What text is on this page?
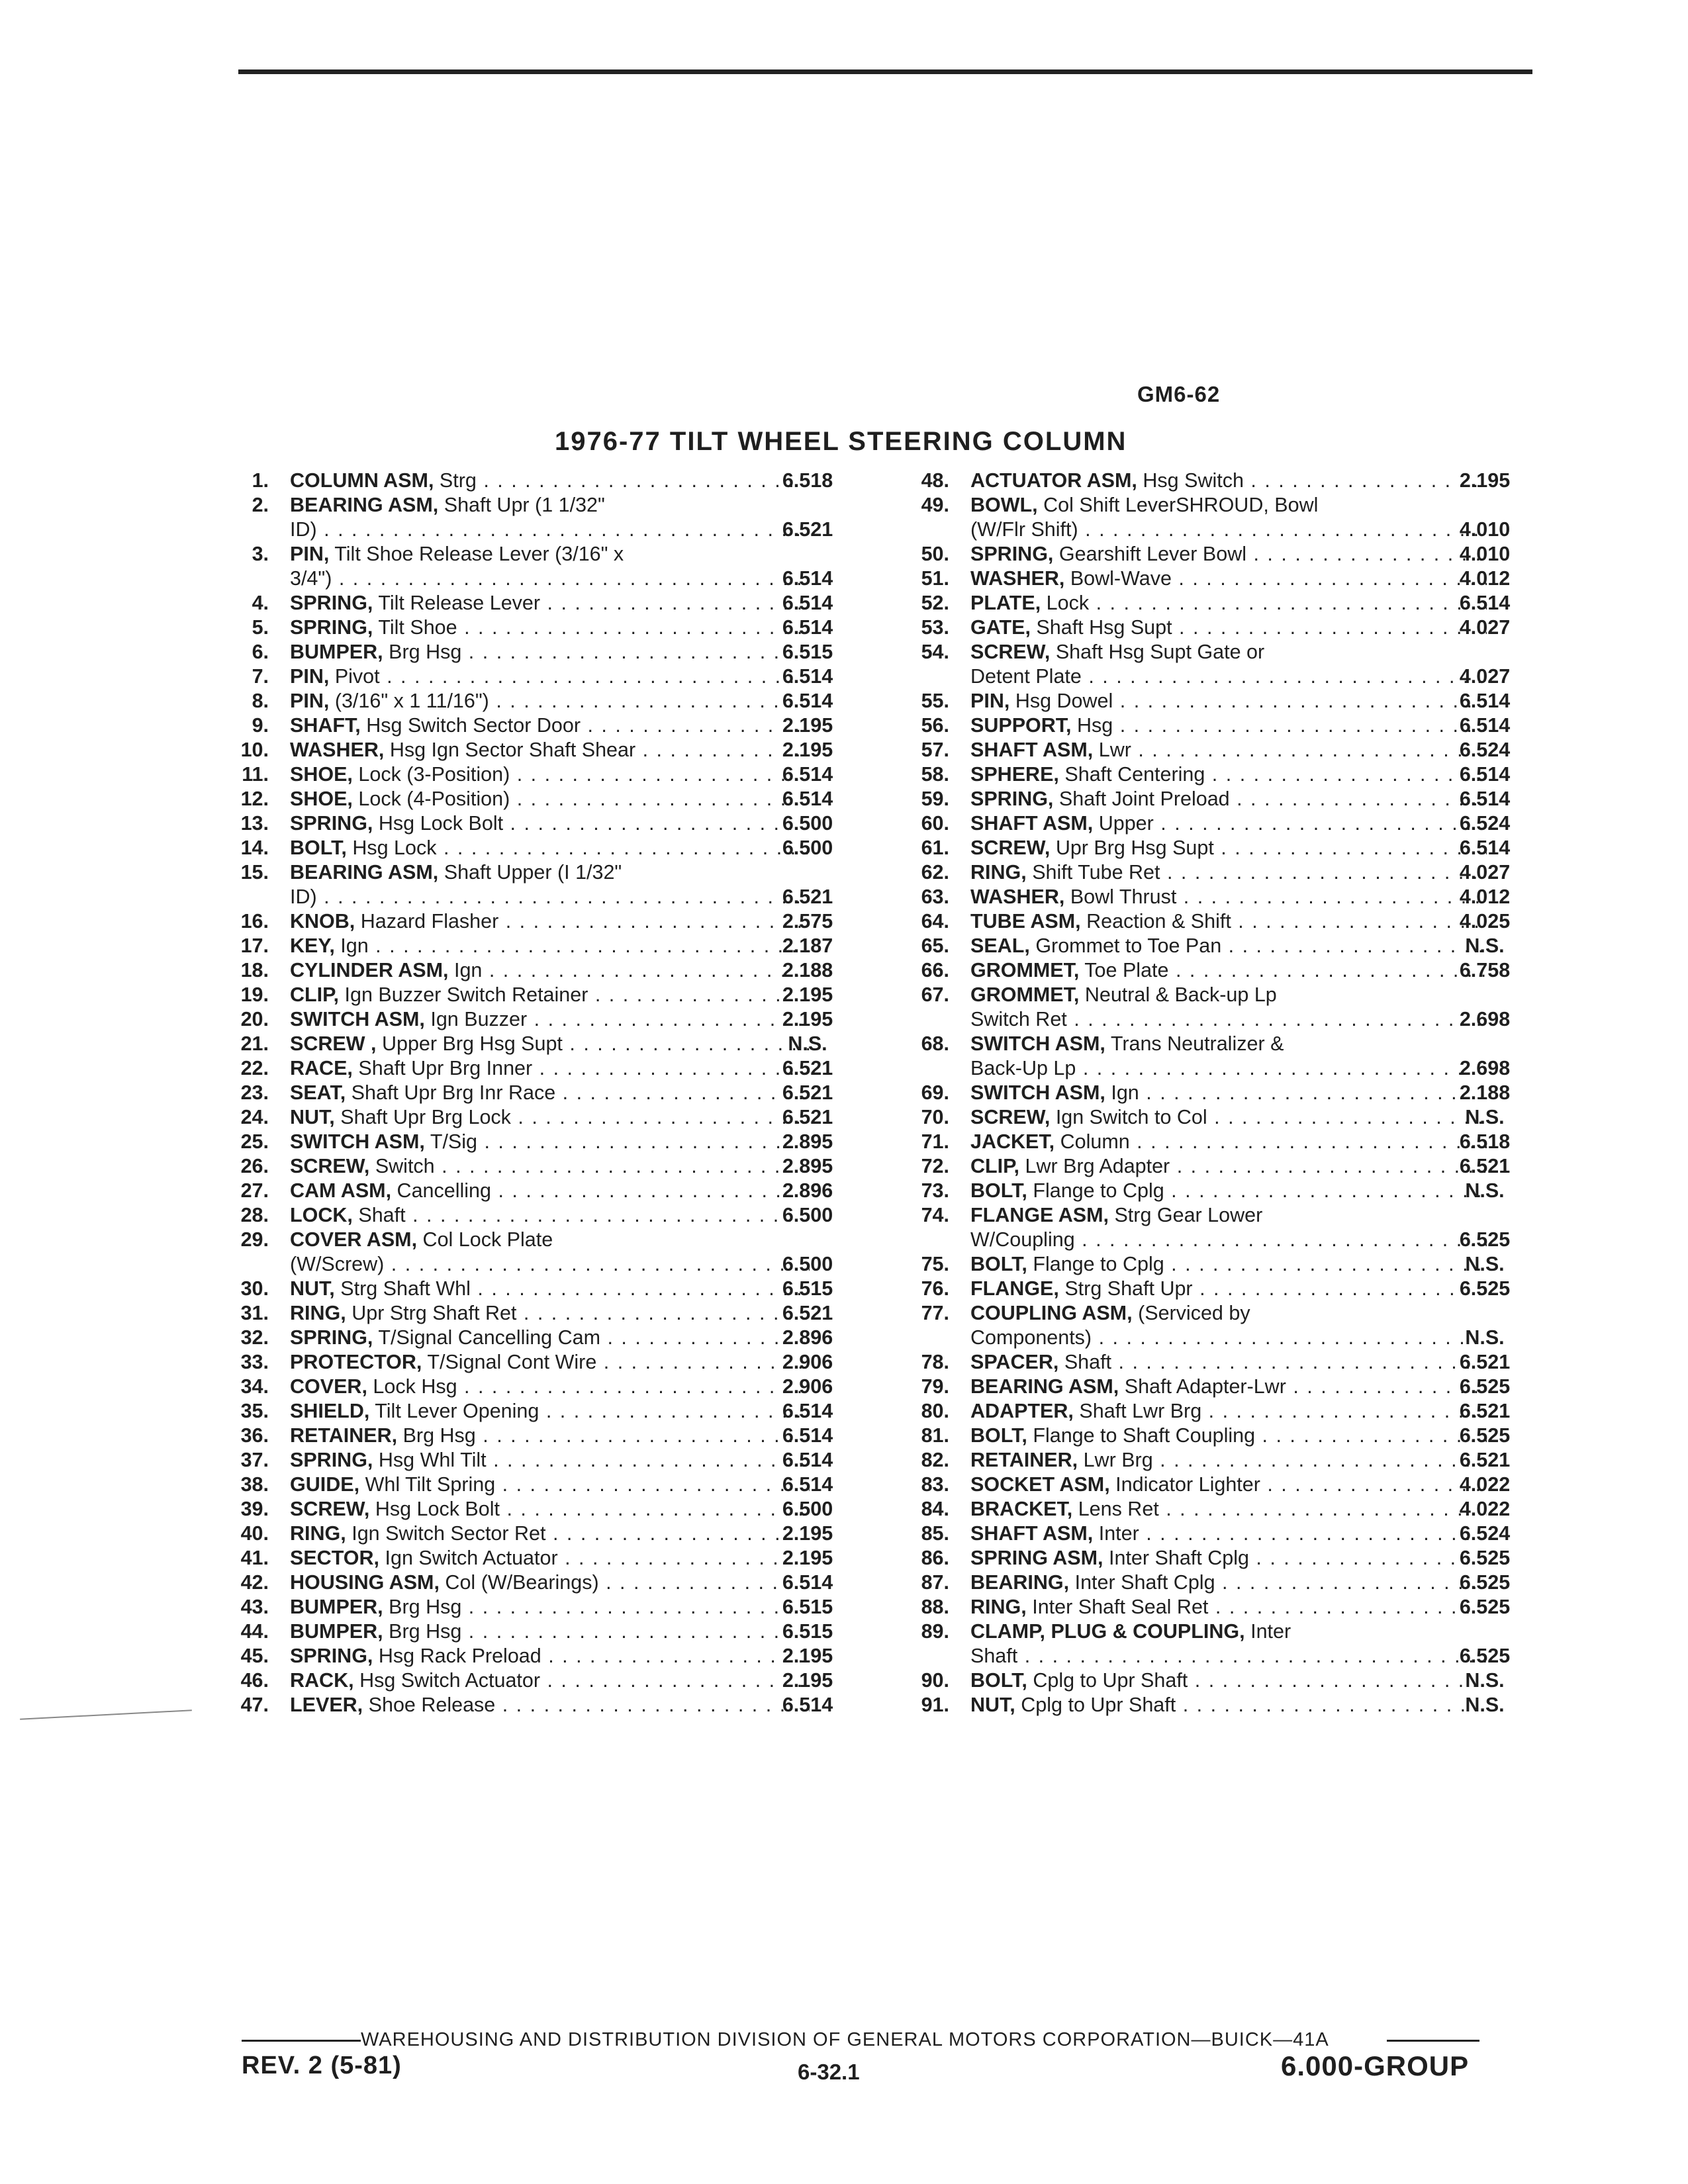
GM6-62
1976-77 TILT WHEEL STEERING COLUMN
1. COLUMN ASM, Strg . . .	6.518
2. BEARING ASM, Shaft Upr (1 1/32"
ID) . . .	6.521
3. PIN, Tilt Shoe Release Lever (3/16" x
3/4") . . .	6.514
4. SPRING, Tilt Release Lever . . .	6.514
5. SPRING, Tilt Shoe . . .	6.514
6. BUMPER, Brg Hsg . . .	6.515
7. PIN, Pivot . . .	6.514
8. PIN, (3/16" x 1 11/16") . . .	6.514
9. SHAFT, Hsg Switch Sector Door . . .	2.195
10. WASHER, Hsg Ign Sector Shaft Shear . . .	2.195
11. SHOE, Lock (3-Position) . . .	6.514
12. SHOE, Lock (4-Position) . . .	6.514
13. SPRING, Hsg Lock Bolt . . .	6.500
14. BOLT, Hsg Lock . . .	6.500
15. BEARING ASM, Shaft Upper (I 1/32"
ID) . . .	6.521
16. KNOB, Hazard Flasher . . .	2.575
17. KEY, Ign . . .	2.187
18. CYLINDER ASM, Ign . . .	2.188
19. CLIP, Ign Buzzer Switch Retainer . . .	2.195
20. SWITCH ASM, Ign Buzzer . . .	2.195
21. SCREW , Upper Brg Hsg Supt . . .	N.S.
22. RACE, Shaft Upr Brg Inner . . .	6.521
23. SEAT, Shaft Upr Brg Inr Race . . .	6.521
24. NUT, Shaft Upr Brg Lock . . .	6.521
25. SWITCH ASM, T/Sig . . .	2.895
26. SCREW, Switch . . .	2.895
27. CAM ASM, Cancelling . . .	2.896
28. LOCK, Shaft . . .	6.500
29. COVER ASM, Col Lock Plate
(W/Screw) . . .	6.500
30. NUT, Strg Shaft Whl . . .	6.515
31. RING, Upr Strg Shaft Ret . . .	6.521
32. SPRING, T/Signal Cancelling Cam . . .	2.896
33. PROTECTOR, T/Signal Cont Wire . . .	2.906
34. COVER, Lock Hsg . . .	2.906
35. SHIELD, Tilt Lever Opening . . .	6.514
36. RETAINER, Brg Hsg . . .	6.514
37. SPRING, Hsg Whl Tilt . . .	6.514
38. GUIDE, Whl Tilt Spring . . .	6.514
39. SCREW, Hsg Lock Bolt . . .	6.500
40. RING, Ign Switch Sector Ret . . .	2.195
41. SECTOR, Ign Switch Actuator . . .	2.195
42. HOUSING ASM, Col (W/Bearings) . . .	6.514
43. BUMPER, Brg Hsg . . .	6.515
44. BUMPER, Brg Hsg . . .	6.515
45. SPRING, Hsg Rack Preload . . .	2.195
46. RACK, Hsg Switch Actuator . . .	2.195
47. LEVER, Shoe Release . . .	6.514
48. ACTUATOR ASM, Hsg Switch . . .	2.195
49. BOWL, Col Shift LeverSHROUD, Bowl
(W/Flr Shift) . . .	4.010
50. SPRING, Gearshift Lever Bowl . . .	4.010
51. WASHER, Bowl-Wave . . .	4.012
52. PLATE, Lock . . .	6.514
53. GATE, Shaft Hsg Supt . . .	4.027
54. SCREW, Shaft Hsg Supt Gate or
Detent Plate . . .	4.027
55. PIN, Hsg Dowel . . .	6.514
56. SUPPORT, Hsg . . .	6.514
57. SHAFT ASM, Lwr . . .	6.524
58. SPHERE, Shaft Centering . . .	6.514
59. SPRING, Shaft Joint Preload . . .	6.514
60. SHAFT ASM, Upper . . .	6.524
61. SCREW, Upr Brg Hsg Supt . . .	6.514
62. RING, Shift Tube Ret . . .	4.027
63. WASHER, Bowl Thrust . . .	4.012
64. TUBE ASM, Reaction & Shift . . .	4.025
65. SEAL, Grommet to Toe Pan . . .	N.S.
66. GROMMET, Toe Plate . . .	6.758
67. GROMMET, Neutral & Back-up Lp
Switch Ret . . .	2.698
68. SWITCH ASM, Trans Neutralizer &
Back-Up Lp . . .	2.698
69. SWITCH ASM, Ign . . .	2.188
70. SCREW, Ign Switch to Col . . .	N.S.
71. JACKET, Column . . .	6.518
72. CLIP, Lwr Brg Adapter . . .	6.521
73. BOLT, Flange to Cplg . . .	N.S.
74. FLANGE ASM, Strg Gear Lower
W/Coupling . . .	6.525
75. BOLT, Flange to Cplg . . .	N.S.
76. FLANGE, Strg Shaft Upr . . .	6.525
77. COUPLING ASM, (Serviced by
Components) . . .	N.S.
78. SPACER, Shaft . . .	6.521
79. BEARING ASM, Shaft Adapter-Lwr . . .	6.525
80. ADAPTER, Shaft Lwr Brg . . .	6.521
81. BOLT, Flange to Shaft Coupling . . .	6.525
82. RETAINER, Lwr Brg . . .	6.521
83. SOCKET ASM, Indicator Lighter . . .	4.022
84. BRACKET, Lens Ret . . .	4.022
85. SHAFT ASM, Inter . . .	6.524
86. SPRING ASM, Inter Shaft Cplg . . .	6.525
87. BEARING, Inter Shaft Cplg . . .	6.525
88. RING, Inter Shaft Seal Ret . . .	6.525
89. CLAMP, PLUG & COUPLING, Inter
Shaft . . .	6.525
90. BOLT, Cplg to Upr Shaft . . .	N.S.
91. NUT, Cplg to Upr Shaft . . .	N.S.
WAREHOUSING AND DISTRIBUTION DIVISION OF GENERAL MOTORS CORPORATION—BUICK—41A
REV. 2 (5-81)	6-32.1	6.000-GROUP
